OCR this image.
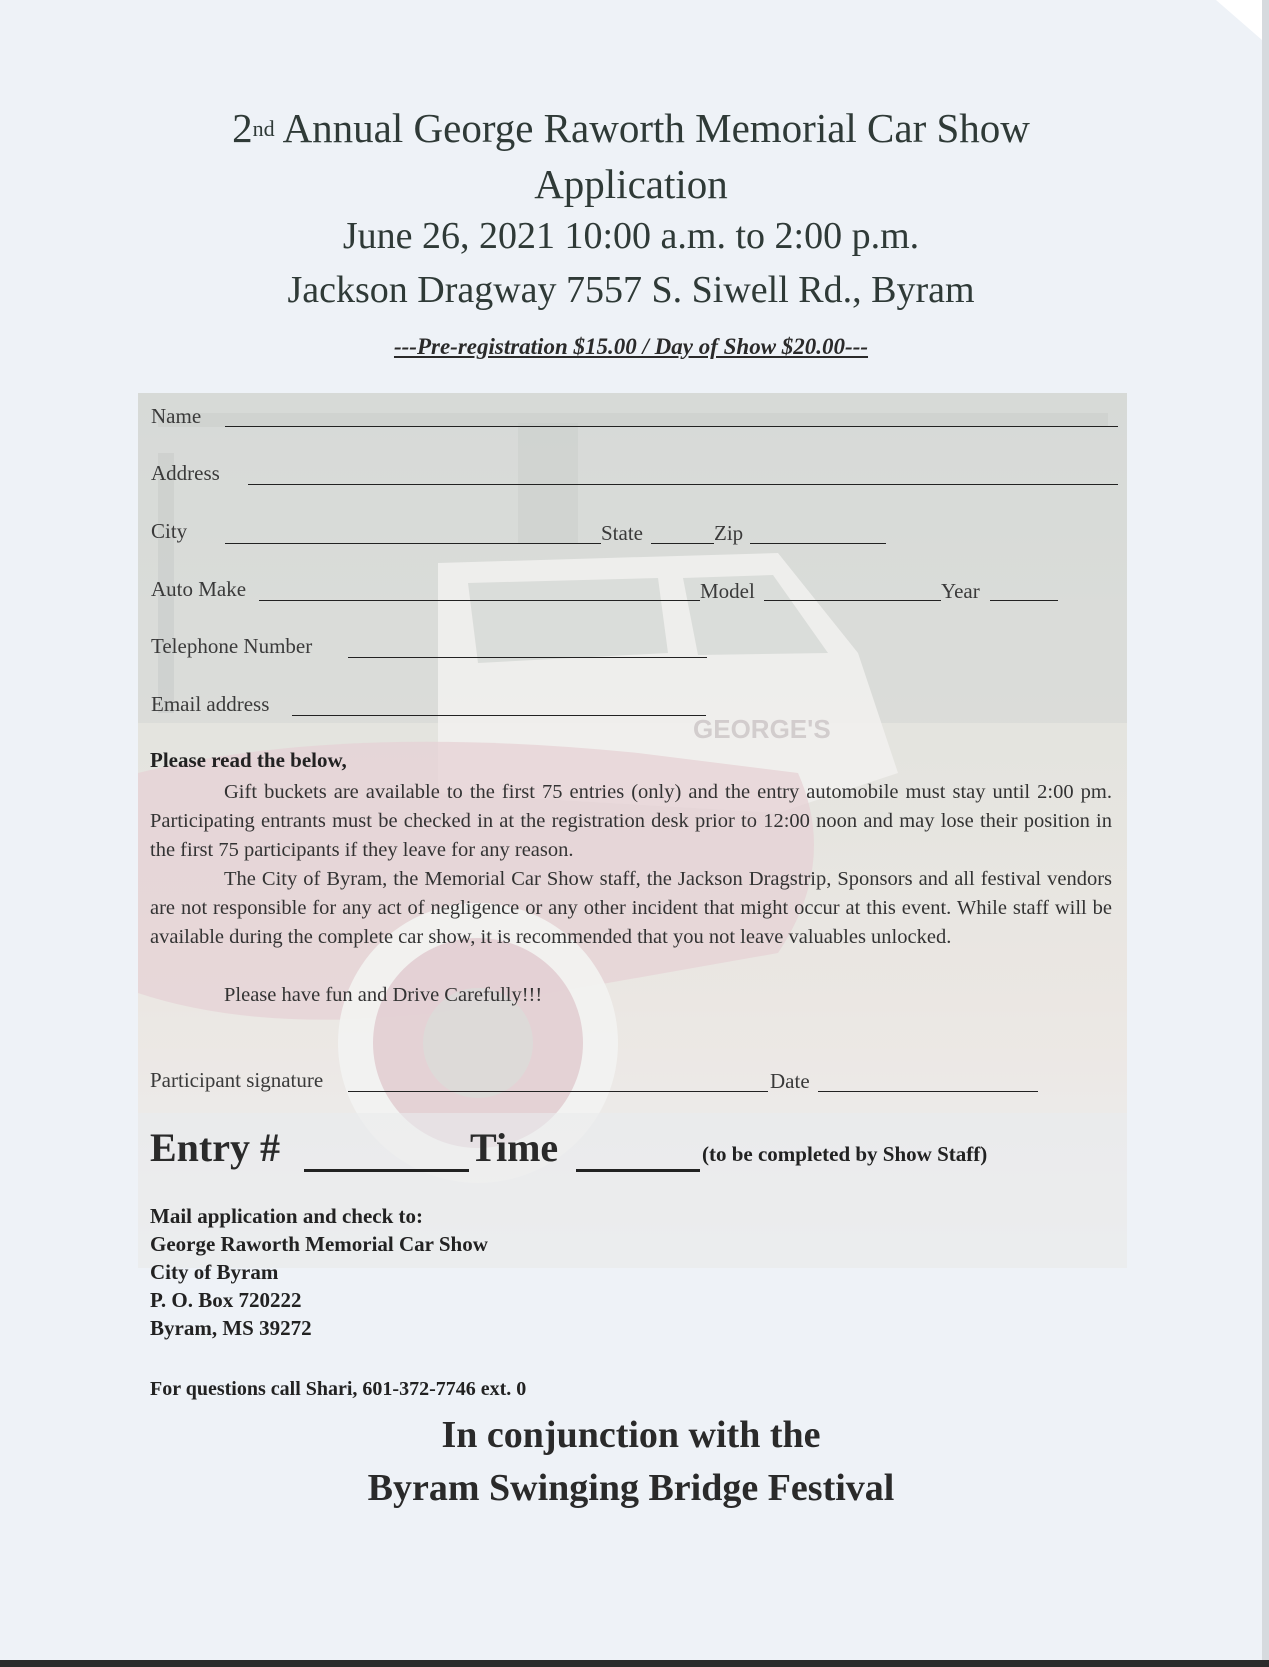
GEORGE'S
2nd Annual George Raworth Memorial Car Show
Application
June 26, 2021 10:00 a.m. to 2:00 p.m.
Jackson Dragway 7557 S. Siwell Rd., Byram
---Pre-registration $15.00 / Day of Show $20.00---
Name
Address
City	State	Zip
Auto Make	Model	Year
Telephone Number
Email address
Please read the below,
Gift buckets are available to the first 75 entries (only) and the entry automobile must stay until 2:00 pm. Participating entrants must be checked in at the registration desk prior to 12:00 noon and may lose their position in the first 75 participants if they leave for any reason.
The City of Byram, the Memorial Car Show staff, the Jackson Dragstrip, Sponsors and all festival vendors are not responsible for any act of negligence or any other incident that might occur at this event. While staff will be available during the complete car show, it is recommended that you not leave valuables unlocked.
Please have fun and Drive Carefully!!!
Participant signature	Date
Entry #	Time	(to be completed by Show Staff)
Mail application and check to:
George Raworth Memorial Car Show
City of Byram
P. O. Box 720222
Byram, MS 39272
For questions call Shari, 601-372-7746 ext. 0
In conjunction with the
Byram Swinging Bridge Festival
